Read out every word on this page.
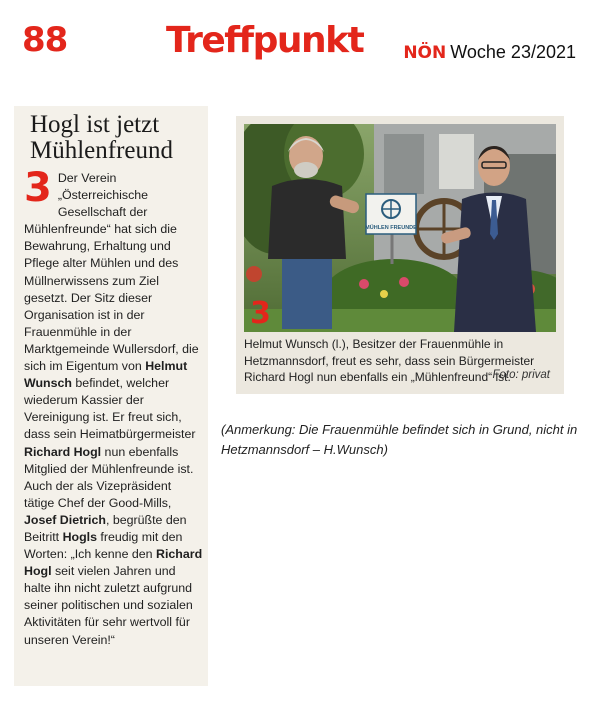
88	Treffpunkt NÖN Woche 23/2021
Hogl ist jetzt Mühlenfreund
3 Der Verein „Österreichische Gesellschaft der Mühlenfreunde“ hat sich die Bewahrung, Erhaltung und Pflege alter Mühlen und des Müllnerwissens zum Ziel gesetzt. Der Sitz dieser Organisation ist in der Frauenmühle in der Marktgemeinde Wullersdorf, die sich im Eigentum von Helmut Wunsch befindet, welcher wiederum Kassier der Vereinigung ist. Er freut sich, dass sein Heimatbürgermeister Richard Hogl nun ebenfalls Mitglied der Mühlenfreunde ist. Auch der als Vizepräsident tätige Chef der Good-Mills, Josef Dietrich, begrüßte den Beitritt Hogls freudig mit den Worten: „Ich kenne den Richard Hogl seit vielen Jahren und halte ihn nicht zuletzt aufgrund seiner politischen und sozialen Aktivitäten für sehr wertvoll für unseren Verein!“
MÜHLEN FREUNDE
3
Helmut Wunsch (l.), Besitzer der Frauenmühle in Hetzmannsdorf, freut es sehr, dass sein Bürgermeister Richard Hogl nun ebenfalls ein „Mühlenfreund“ ist.
Foto: privat
(Anmerkung: Die Frauenmühle befindet sich in Grund, nicht in Hetzmannsdorf – H.Wunsch)
